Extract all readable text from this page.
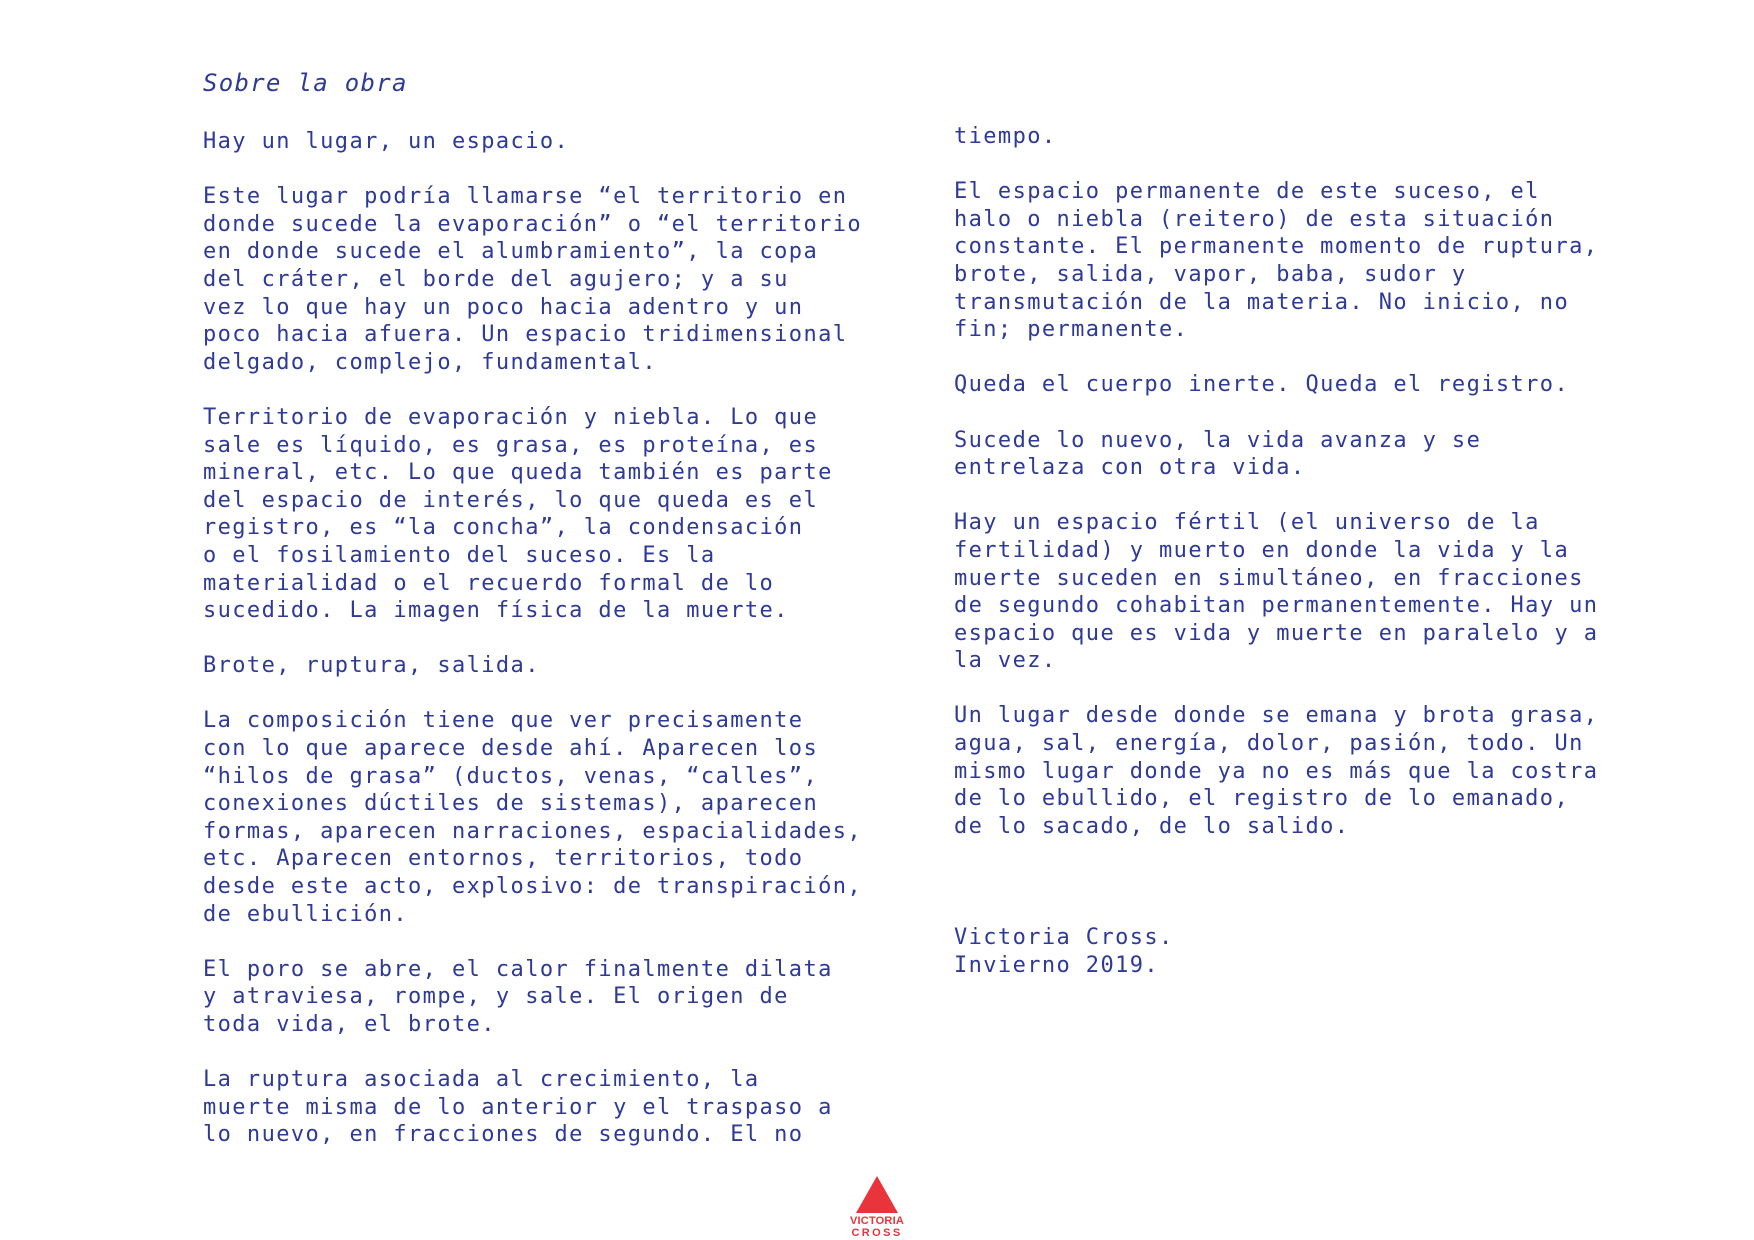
Sobre la obra

Hay un lugar, un espacio.

Este lugar podría llamarse “el territorio en
donde sucede la evaporación” o “el territorio
en donde sucede el alumbramiento”, la copa
del cráter, el borde del agujero; y a su
vez lo que hay un poco hacia adentro y un
poco hacia afuera. Un espacio tridimensional
delgado, complejo, fundamental.

Territorio de evaporación y niebla. Lo que
sale es líquido, es grasa, es proteína, es
mineral, etc. Lo que queda también es parte
del espacio de interés, lo que queda es el
registro, es “la concha”, la condensación
o el fosilamiento del suceso. Es la
materialidad o el recuerdo formal de lo
sucedido. La imagen física de la muerte.

Brote, ruptura, salida.

La composición tiene que ver precisamente
con lo que aparece desde ahí. Aparecen los
“hilos de grasa” (ductos, venas, “calles”,
conexiones dúctiles de sistemas), aparecen
formas, aparecen narraciones, espacialidades,
etc. Aparecen entornos, territorios, todo
desde este acto, explosivo: de transpiración,
de ebullición.

El poro se abre, el calor finalmente dilata
y atraviesa, rompe, y sale. El origen de
toda vida, el brote.

La ruptura asociada al crecimiento, la
muerte misma de lo anterior y el traspaso a
lo nuevo, en fracciones de segundo. El no

tiempo.

El espacio permanente de este suceso, el
halo o niebla (reitero) de esta situación
constante. El permanente momento de ruptura,
brote, salida, vapor, baba, sudor y
transmutación de la materia. No inicio, no
fin; permanente.

Queda el cuerpo inerte. Queda el registro.

Sucede lo nuevo, la vida avanza y se
entrelaza con otra vida.

Hay un espacio fértil (el universo de la
fertilidad) y muerto en donde la vida y la
muerte suceden en simultáneo, en fracciones
de segundo cohabitan permanentemente. Hay un
espacio que es vida y muerte en paralelo y a
la vez.

Un lugar desde donde se emana y brota grasa,
agua, sal, energía, dolor, pasión, todo. Un
mismo lugar donde ya no es más que la costra
de lo ebullido, el registro de lo emanado,
de lo sacado, de lo salido.

Victoria Cross.
Invierno 2019.
VICTORIA
CROSS
